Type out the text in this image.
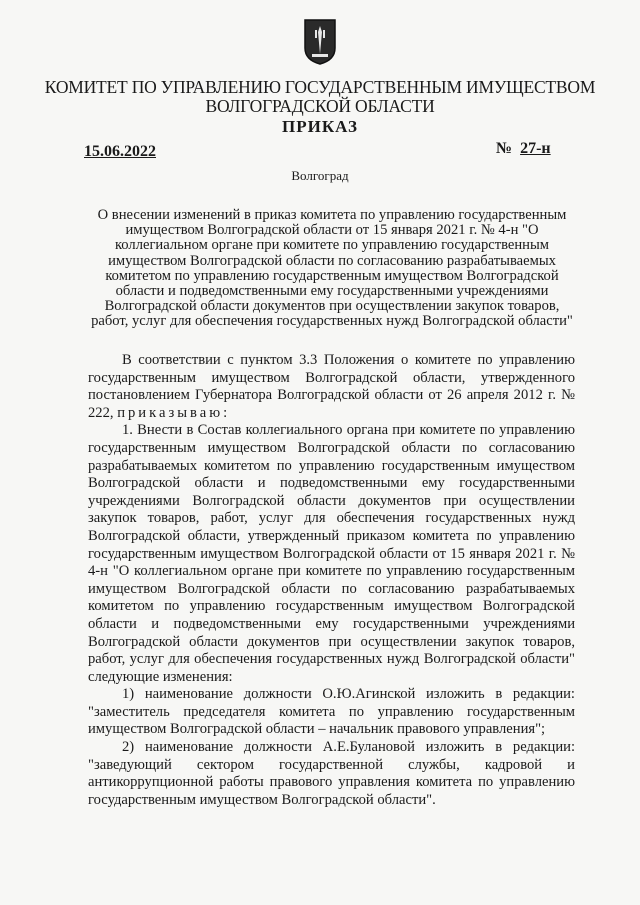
КОМИТЕТ ПО УПРАВЛЕНИЮ ГОСУДАРСТВЕННЫМ ИМУЩЕСТВОМ ВОЛГОГРАДСКОЙ ОБЛАСТИ
ПРИКАЗ
15.06.2022	№ 27-н
Волгоград
О внесении изменений в приказ комитета по управлению государственным имуществом Волгоградской области от 15 января 2021 г. № 4-н "О коллегиальном органе при комитете по управлению государственным имуществом Волгоградской области по согласованию разрабатываемых комитетом по управлению государственным имуществом Волгоградской области и подведомственными ему государственными учреждениями Волгоградской области документов при осуществлении закупок товаров, работ, услуг для обеспечения государственных нужд Волгоградской области"

В соответствии с пунктом 3.3 Положения о комитете по управлению государственным имуществом Волгоградской области, утвержденного постановлением Губернатора Волгоградской области от 26 апреля 2012 г. № 222, приказываю:

1. Внести в Состав коллегиального органа при комитете по управлению государственным имуществом Волгоградской области по согласованию разрабатываемых комитетом по управлению государственным имуществом Волгоградской области и подведомственными ему государственными учреждениями Волгоградской области документов при осуществлении закупок товаров, работ, услуг для обеспечения государственных нужд Волгоградской области, утвержденный приказом комитета по управлению государственным имуществом Волгоградской области от 15 января 2021 г. № 4-н "О коллегиальном органе при комитете по управлению государственным имуществом Волгоградской области по согласованию разрабатываемых комитетом по управлению государственным имуществом Волгоградской области и подведомственными ему государственными учреждениями Волгоградской области документов при осуществлении закупок товаров, работ, услуг для обеспечения государственных нужд Волгоградской области" следующие изменения:

1) наименование должности О.Ю.Агинской изложить в редакции: "заместитель председателя комитета по управлению государственным имуществом Волгоградской области – начальник правового управления";

2) наименование должности А.Е.Булановой изложить в редакции: "заведующий сектором государственной службы, кадровой и антикоррупционной работы правового управления комитета по управлению государственным имуществом Волгоградской области".
